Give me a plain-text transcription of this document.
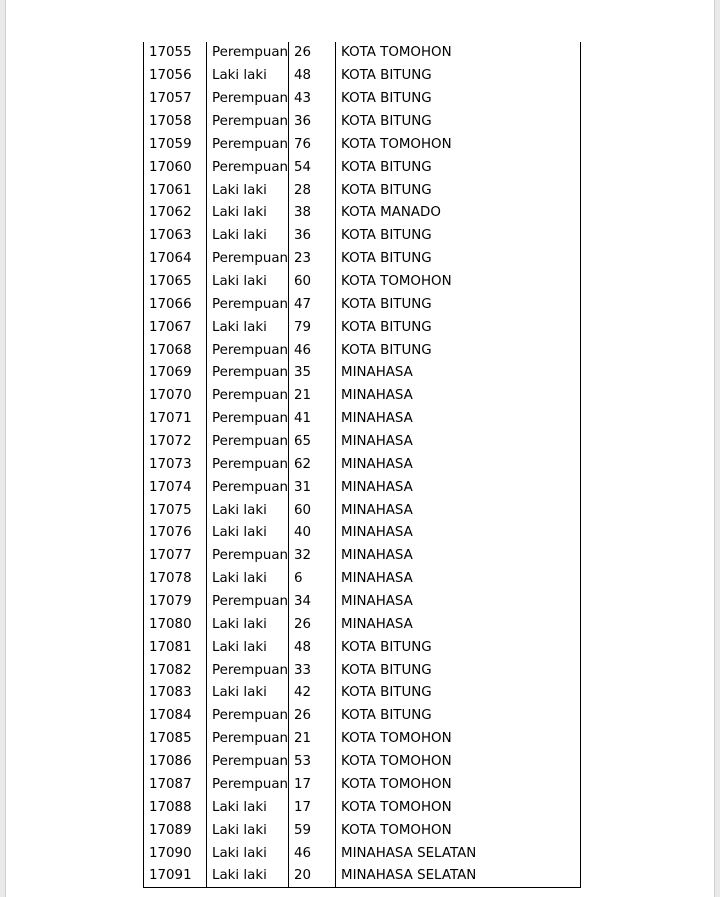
17055	Perempuan	26	KOTA TOMOHON
17056	Laki laki	48	KOTA BITUNG
17057	Perempuan	43	KOTA BITUNG
17058	Perempuan	36	KOTA BITUNG
17059	Perempuan	76	KOTA TOMOHON
17060	Perempuan	54	KOTA BITUNG
17061	Laki laki	28	KOTA BITUNG
17062	Laki laki	38	KOTA MANADO
17063	Laki laki	36	KOTA BITUNG
17064	Perempuan	23	KOTA BITUNG
17065	Laki laki	60	KOTA TOMOHON
17066	Perempuan	47	KOTA BITUNG
17067	Laki laki	79	KOTA BITUNG
17068	Perempuan	46	KOTA BITUNG
17069	Perempuan	35	MINAHASA
17070	Perempuan	21	MINAHASA
17071	Perempuan	41	MINAHASA
17072	Perempuan	65	MINAHASA
17073	Perempuan	62	MINAHASA
17074	Perempuan	31	MINAHASA
17075	Laki laki	60	MINAHASA
17076	Laki laki	40	MINAHASA
17077	Perempuan	32	MINAHASA
17078	Laki laki	6	MINAHASA
17079	Perempuan	34	MINAHASA
17080	Laki laki	26	MINAHASA
17081	Laki laki	48	KOTA BITUNG
17082	Perempuan	33	KOTA BITUNG
17083	Laki laki	42	KOTA BITUNG
17084	Perempuan	26	KOTA BITUNG
17085	Perempuan	21	KOTA TOMOHON
17086	Perempuan	53	KOTA TOMOHON
17087	Perempuan	17	KOTA TOMOHON
17088	Laki laki	17	KOTA TOMOHON
17089	Laki laki	59	KOTA TOMOHON
17090	Laki laki	46	MINAHASA SELATAN
17091	Laki laki	20	MINAHASA SELATAN
